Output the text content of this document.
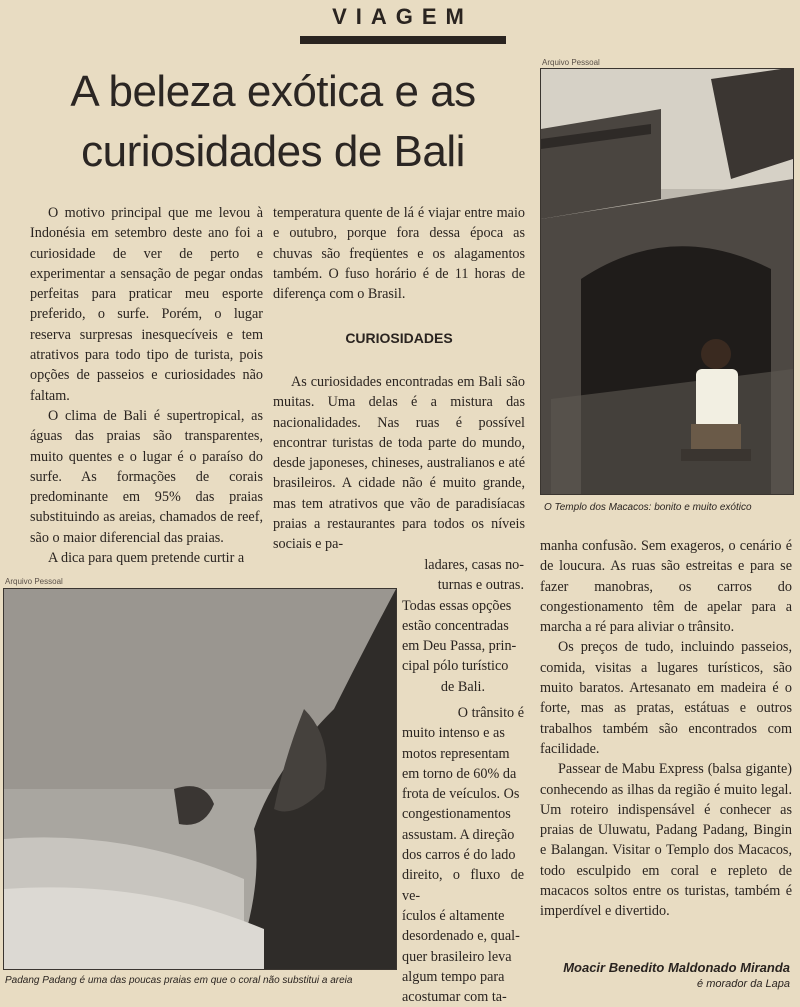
VIAGEM
A beleza exótica e as
curiosidades de Bali
Arquivo Pessoal
O Templo dos Macacos: bonito e muito exótico
Arquivo Pessoal
Padang Padang é uma das poucas praias em que o coral não substitui a areia

O motivo principal que me levou à Indonésia em setembro deste ano foi a curiosidade de ver de perto e experimentar a sensação de pegar ondas perfeitas para praticar meu esporte preferido, o surfe. Porém, o lugar reserva surpresas inesquecíveis e tem atrativos para todo tipo de turista, pois opções de passeios e curiosidades não faltam.

O clima de Bali é supertropical, as águas das praias são transparentes, muito quentes e o lugar é o paraíso do surfe. As formações de corais predominante em 95% das praias substituindo as areias, chamados de reef, são o maior diferencial das praias.

A dica para quem pretende curtir a

temperatura quente de lá é viajar entre maio e outubro, porque fora dessa época as chuvas são freqüentes e os alagamentos também. O fuso horário é de 11 horas de diferença com o Brasil.

CURIOSIDADES

As curiosidades encontradas em Bali são muitas. Uma delas é a mistura das nacionalidades. Nas ruas é possível encontrar turistas de toda parte do mundo, desde japoneses, chineses, australianos e até brasileiros. A cidade não é muito grande, mas tem atrativos que vão de paradisíacas praias a restaurantes para todos os níveis sociais e pa-

ladares, casas no-
turnas e outras.
Todas essas opções
estão concentradas
em Deu Passa, prin-
cipal pólo turístico
de Bali.
O trânsito é
muito intenso e as
motos representam
em torno de 60% da
frota de veículos. Os
congestionamentos
assustam. A direção
dos carros é do lado
direito, o fluxo de ve-
ículos é altamente
desordenado e, qual-
quer brasileiro leva
algum tempo para
acostumar com ta-

manha confusão. Sem exageros, o cenário é de loucura. As ruas são estreitas e para se fazer manobras, os carros do congestionamento têm de apelar para a marcha a ré para aliviar o trânsito.

Os preços de tudo, incluindo passeios, comida, visitas a lugares turísticos, são muito baratos. Artesanato em madeira é o forte, mas as pratas, estátuas e outros trabalhos também são encontrados com facilidade.

Passear de Mabu Express (balsa gigante) conhecendo as ilhas da região é muito legal. Um roteiro indispensável é conhecer as praias de Uluwatu, Padang Padang, Bingin e Balangan. Visitar o Templo dos Macacos, todo esculpido em coral e repleto de macacos soltos entre os turistas, também é imperdível e divertido.

Moacir Benedito Maldonado Miranda
é morador da Lapa
